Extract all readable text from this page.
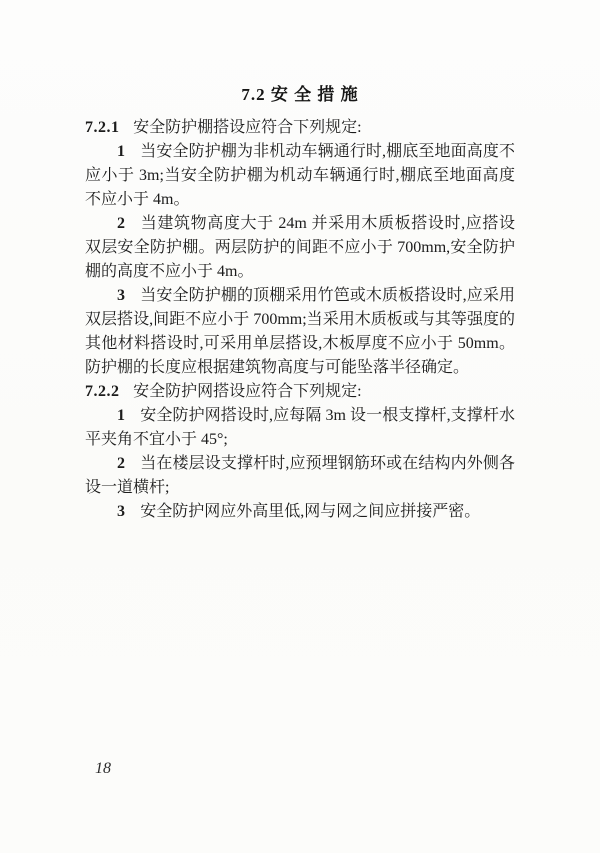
7.2 安 全 措 施

7.2.1 安全防护棚搭设应符合下列规定:

1 当安全防护棚为非机动车辆通行时,棚底至地面高度不应小于 3m;当安全防护棚为机动车辆通行时,棚底至地面高度不应小于 4m。

2 当建筑物高度大于 24m 并采用木质板搭设时,应搭设双层安全防护棚。两层防护的间距不应小于 700mm,安全防护棚的高度不应小于 4m。

3 当安全防护棚的顶棚采用竹笆或木质板搭设时,应采用双层搭设,间距不应小于 700mm;当采用木质板或与其等强度的其他材料搭设时,可采用单层搭设,木板厚度不应小于 50mm。防护棚的长度应根据建筑物高度与可能坠落半径确定。

7.2.2 安全防护网搭设应符合下列规定:

1 安全防护网搭设时,应每隔 3m 设一根支撑杆,支撑杆水平夹角不宜小于 45°;

2 当在楼层设支撑杆时,应预埋钢筋环或在结构内外侧各设一道横杆;

3 安全防护网应外高里低,网与网之间应拼接严密。

18
